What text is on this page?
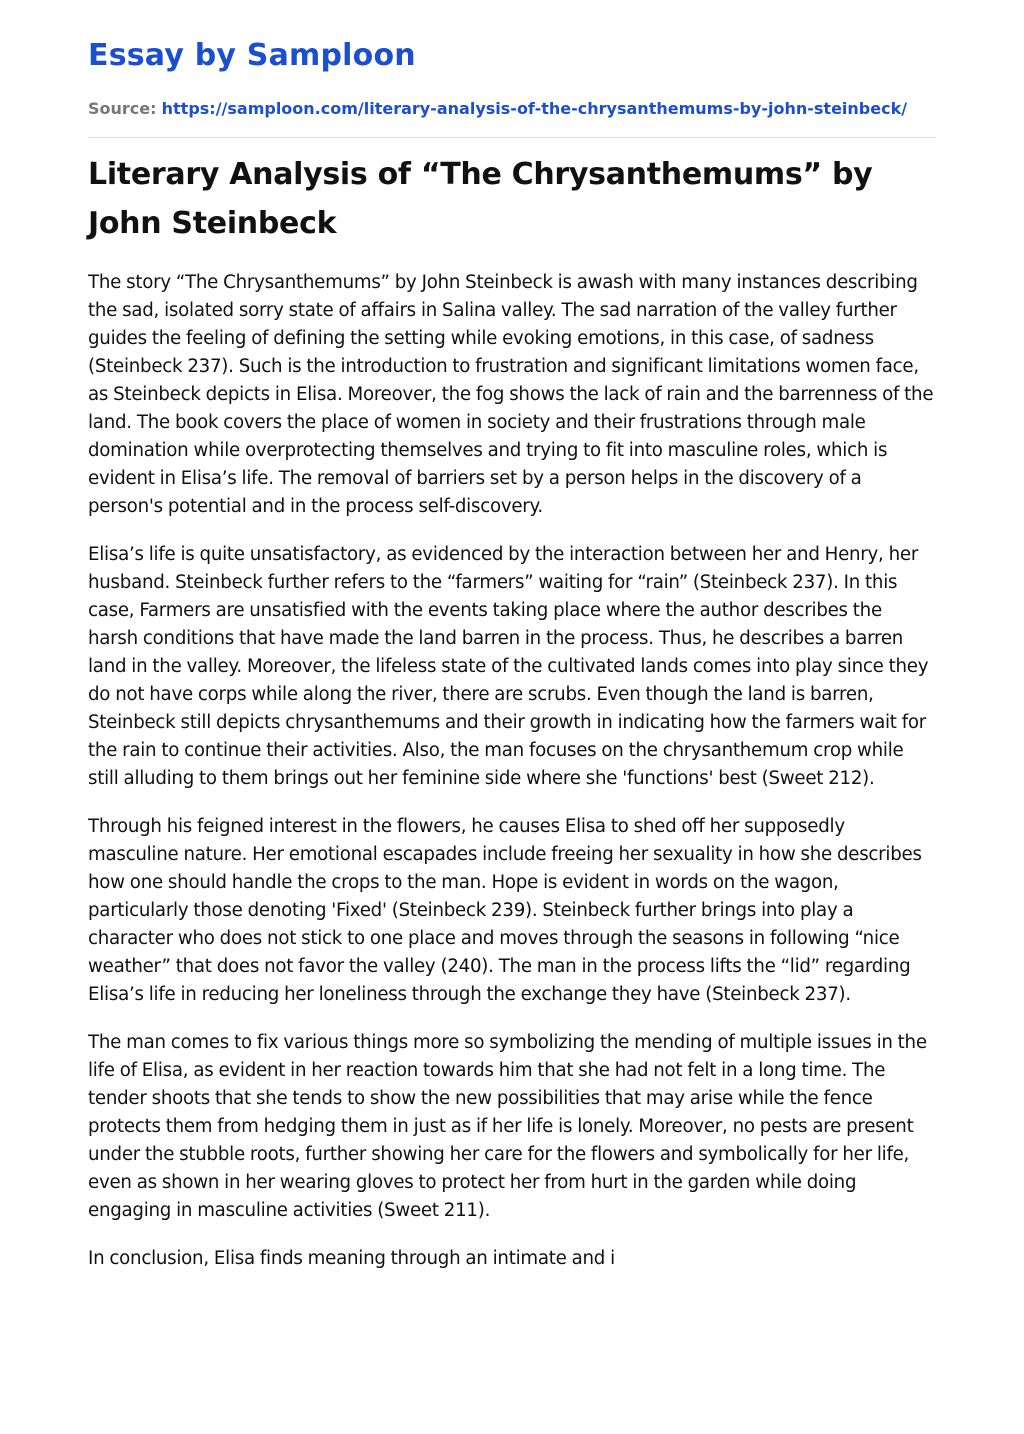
Essay by Samploon
Source: https://samploon.com/literary-analysis-of-the-chrysanthemums-by-john-steinbeck/
Literary Analysis of “The Chrysanthemums” by John Steinbeck

The story “The Chrysanthemums” by John Steinbeck is awash with many instances describing the sad, isolated sorry state of affairs in Salina valley. The sad narration of the valley further guides the feeling of defining the setting while evoking emotions, in this case, of sadness (Steinbeck 237). Such is the introduction to frustration and significant limitations women face, as Steinbeck depicts in Elisa. Moreover, the fog shows the lack of rain and the barrenness of the land. The book covers the place of women in society and their frustrations through male domination while overprotecting themselves and trying to fit into masculine roles, which is evident in Elisa’s life. The removal of barriers set by a person helps in the discovery of a person's potential and in the process self-discovery.

Elisa’s life is quite unsatisfactory, as evidenced by the interaction between her and Henry, her husband. Steinbeck further refers to the “farmers” waiting for “rain” (Steinbeck 237). In this case, Farmers are unsatisfied with the events taking place where the author describes the harsh conditions that have made the land barren in the process. Thus, he describes a barren land in the valley. Moreover, the lifeless state of the cultivated lands comes into play since they do not have corps while along the river, there are scrubs. Even though the land is barren, Steinbeck still depicts chrysanthemums and their growth in indicating how the farmers wait for the rain to continue their activities. Also, the man focuses on the chrysanthemum crop while still alluding to them brings out her feminine side where she 'functions' best (Sweet 212).

Through his feigned interest in the flowers, he causes Elisa to shed off her supposedly masculine nature. Her emotional escapades include freeing her sexuality in how she describes how one should handle the crops to the man. Hope is evident in words on the wagon, particularly those denoting 'Fixed' (Steinbeck 239). Steinbeck further brings into play a character who does not stick to one place and moves through the seasons in following “nice weather” that does not favor the valley (240). The man in the process lifts the “lid” regarding Elisa’s life in reducing her loneliness through the exchange they have (Steinbeck 237).

The man comes to fix various things more so symbolizing the mending of multiple issues in the life of Elisa, as evident in her reaction towards him that she had not felt in a long time. The tender shoots that she tends to show the new possibilities that may arise while the fence protects them from hedging them in just as if her life is lonely. Moreover, no pests are present under the stubble roots, further showing her care for the flowers and symbolically for her life, even as shown in her wearing gloves to protect her from hurt in the garden while doing engaging in masculine activities (Sweet 211).

In conclusion, Elisa finds meaning through an intimate and i
